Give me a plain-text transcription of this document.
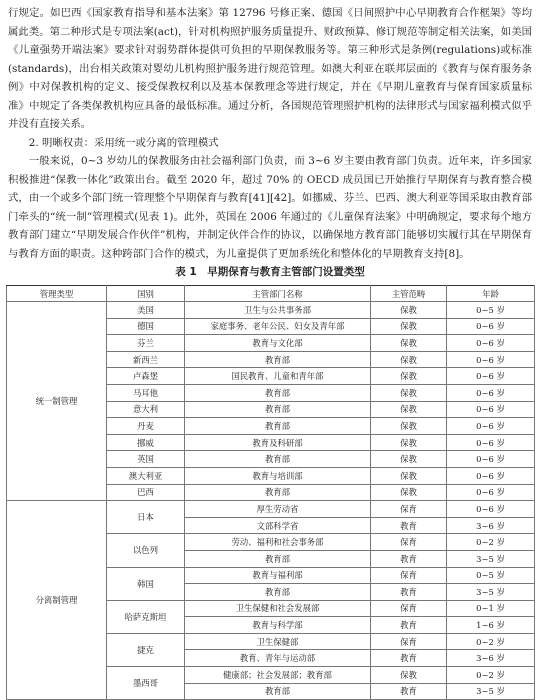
行规定。如巴西《国家教育指导和基本法案》第 12796 号修正案、德国《日间照护中心早期教育合作框架》等均属此类。第二种形式是专项法案(act)，针对机构照护服务质量提升、财政预算、修订规范等制定相关法案，如美国《儿童强势开端法案》要求针对弱势群体提供可负担的早期保教服务等。第三种形式是条例(regulations)或标准(standards)，出台相关政策对婴幼儿机构照护服务进行规范管理。如澳大利亚在联邦层面的《教育与保育服务条例》中对保教机构的定义、接受保教权利以及基本保教理念等进行规定，并在《早期儿童教育与保育国家质量标准》中规定了各类保教机构应具备的最低标准。通过分析，各国规范管理照护机构的法律形式与国家福利模式似乎并没有直接关系。

2. 明晰权责：采用统一或分离的管理模式

一般来说，0~3 岁幼儿的保教服务由社会福利部门负责，而 3~6 岁主要由教育部门负责。近年来，许多国家积极推进“保教一体化”政策出台。截至 2020 年，超过 70% 的 OECD 成员国已开始推行早期保育与教育整合模式，由一个或多个部门统一管理整个早期保育与教育[41][42]。如挪威、芬兰、巴西、澳大利亚等国采取由教育部门牵头的“统一制”管理模式(见表 1)。此外，英国在 2006 年通过的《儿童保育法案》中明确规定，要求每个地方教育部门建立“早期发展合作伙伴”机构，并制定伙伴合作的协议，以确保地方教育部门能够切实履行其在早期保育与教育方面的职责。这种跨部门合作的模式，为儿童提供了更加系统化和整体化的早期教育支持[8]。

表 1　早期保育与教育主管部门设置类型
管理类型	国别	主管部门名称	主管范畴	年龄
统一制管理	美国	卫生与公共事务部	保教	0~5 岁
	德国	家庭事务、老年公民、妇女及青年部	保教	0~6 岁
	芬兰	教育与文化部	保教	0~6 岁
	新西兰	教育部	保教	0~6 岁
	卢森堡	国民教育、儿童和青年部	保教	0~6 岁
	马耳他	教育部	保教	0~6 岁
	意大利	教育部	保教	0~6 岁
	丹麦	教育部	保教	0~6 岁
	挪威	教育及科研部	保教	0~6 岁
	英国	教育部	保教	0~6 岁
	澳大利亚	教育与培训部	保教	0~6 岁
	巴西	教育部	保教	0~6 岁
分离制管理	日本	厚生劳动省	保育	0~6 岁
		文部科学省	教育	3~6 岁
	以色列	劳动、福利和社会事务部	保育	0~2 岁
		教育部	教育	3~5 岁
	韩国	教育与福利部	保育	0~5 岁
		教育部	教育	3~5 岁
	哈萨克斯坦	卫生保健和社会发展部	保育	0~1 岁
		教育与科学部	教育	1~6 岁
	捷克	卫生保健部	保育	0~2 岁
		教育、青年与运动部	教育	3~6 岁
	墨西哥	健康部；社会发展部；教育部	保教	0~2 岁
		教育部	教育	3~5 岁
